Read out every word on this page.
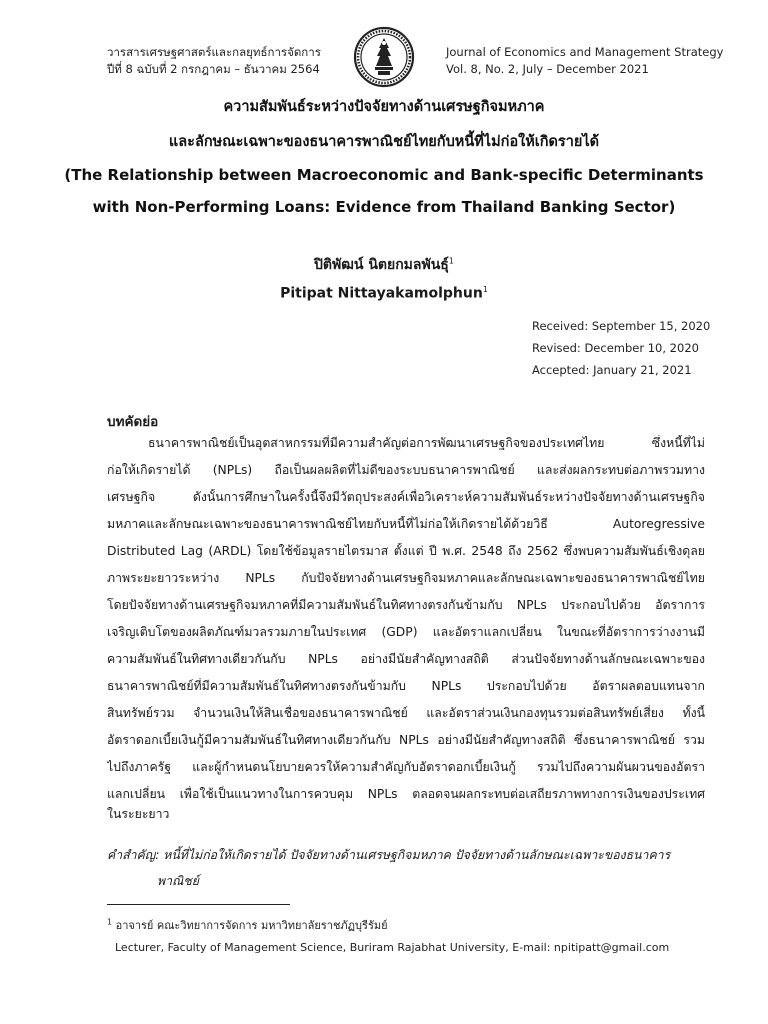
วารสารเศรษฐศาสตร์และกลยุทธ์การจัดการ
ปีที่ 8 ฉบับที่ 2 กรกฎาคม – ธันวาคม 2564
Journal of Economics and Management Strategy
Vol. 8, No. 2, July – December 2021
ความสัมพันธ์ระหว่างปัจจัยทางด้านเศรษฐกิจมหภาค
และลักษณะเฉพาะของธนาคารพาณิชย์ไทยกับหนี้ที่ไม่ก่อให้เกิดรายได้
(The Relationship between Macroeconomic and Bank-specific Determinants
with Non-Performing Loans: Evidence from Thailand Banking Sector)
ปิติพัฒน์ นิตยกมลพันธุ์$^1$
Pitipat Nittayakamolphun$^1$
Received: September 15, 2020
Revised: December 10, 2020
Accepted: January 21, 2021
บทคัดย่อ
ธนาคารพาณิชย์เป็นอุตสาหกรรมที่มีความสำคัญต่อการพัฒนาเศรษฐกิจของประเทศไทย ซึ่งหนี้ที่ไม่
ก่อให้เกิดรายได้ (NPLs) ถือเป็นผลผลิตที่ไม่ดีของระบบธนาคารพาณิชย์ และส่งผลกระทบต่อภาพรวมทาง
เศรษฐกิจ ดังนั้นการศึกษาในครั้งนี้จึงมีวัตถุประสงค์เพื่อวิเคราะห์ความสัมพันธ์ระหว่างปัจจัยทางด้านเศรษฐกิจ
มหภาคและลักษณะเฉพาะของธนาคารพาณิชย์ไทยกับหนี้ที่ไม่ก่อให้เกิดรายได้ด้วยวิธี Autoregressive
Distributed Lag (ARDL) โดยใช้ข้อมูลรายไตรมาส ตั้งแต่ ปี พ.ศ. 2548 ถึง 2562 ซึ่งพบความสัมพันธ์เชิงดุลย
ภาพระยะยาวระหว่าง NPLs กับปัจจัยทางด้านเศรษฐกิจมหภาคและลักษณะเฉพาะของธนาคารพาณิชย์ไทย
โดยปัจจัยทางด้านเศรษฐกิจมหภาคที่มีความสัมพันธ์ในทิศทางตรงกันข้ามกับ NPLs ประกอบไปด้วย อัตราการ
เจริญเติบโตของผลิตภัณฑ์มวลรวมภายในประเทศ (GDP) และอัตราแลกเปลี่ยน ในขณะที่อัตราการว่างงานมี
ความสัมพันธ์ในทิศทางเดียวกันกับ NPLs อย่างมีนัยสำคัญทางสถิติ ส่วนปัจจัยทางด้านลักษณะเฉพาะของ
ธนาคารพาณิชย์ที่มีความสัมพันธ์ในทิศทางตรงกันข้ามกับ NPLs ประกอบไปด้วย อัตราผลตอบแทนจาก
สินทรัพย์รวม จำนวนเงินให้สินเชื่อของธนาคารพาณิชย์ และอัตราส่วนเงินกองทุนรวมต่อสินทรัพย์เสี่ยง ทั้งนี้
อัตราดอกเบี้ยเงินกู้มีความสัมพันธ์ในทิศทางเดียวกันกับ NPLs อย่างมีนัยสำคัญทางสถิติ ซึ่งธนาคารพาณิชย์ รวม
ไปถึงภาครัฐ และผู้กำหนดนโยบายควรให้ความสำคัญกับอัตราดอกเบี้ยเงินกู้ รวมไปถึงความผันผวนของอัตรา
แลกเปลี่ยน เพื่อใช้เป็นแนวทางในการควบคุม NPLs ตลอดจนผลกระทบต่อเสถียรภาพทางการเงินของประเทศ
ในระยะยาว
คำสำคัญ: หนี้ที่ไม่ก่อให้เกิดรายได้ ปัจจัยทางด้านเศรษฐกิจมหภาค ปัจจัยทางด้านลักษณะเฉพาะของธนาคาร
พาณิชย์
$^1$ อาจารย์ คณะวิทยาการจัดการ มหาวิทยาลัยราชภัฏบุรีรัมย์
Lecturer, Faculty of Management Science, Buriram Rajabhat University, E-mail: npitipatt@gmail.com
